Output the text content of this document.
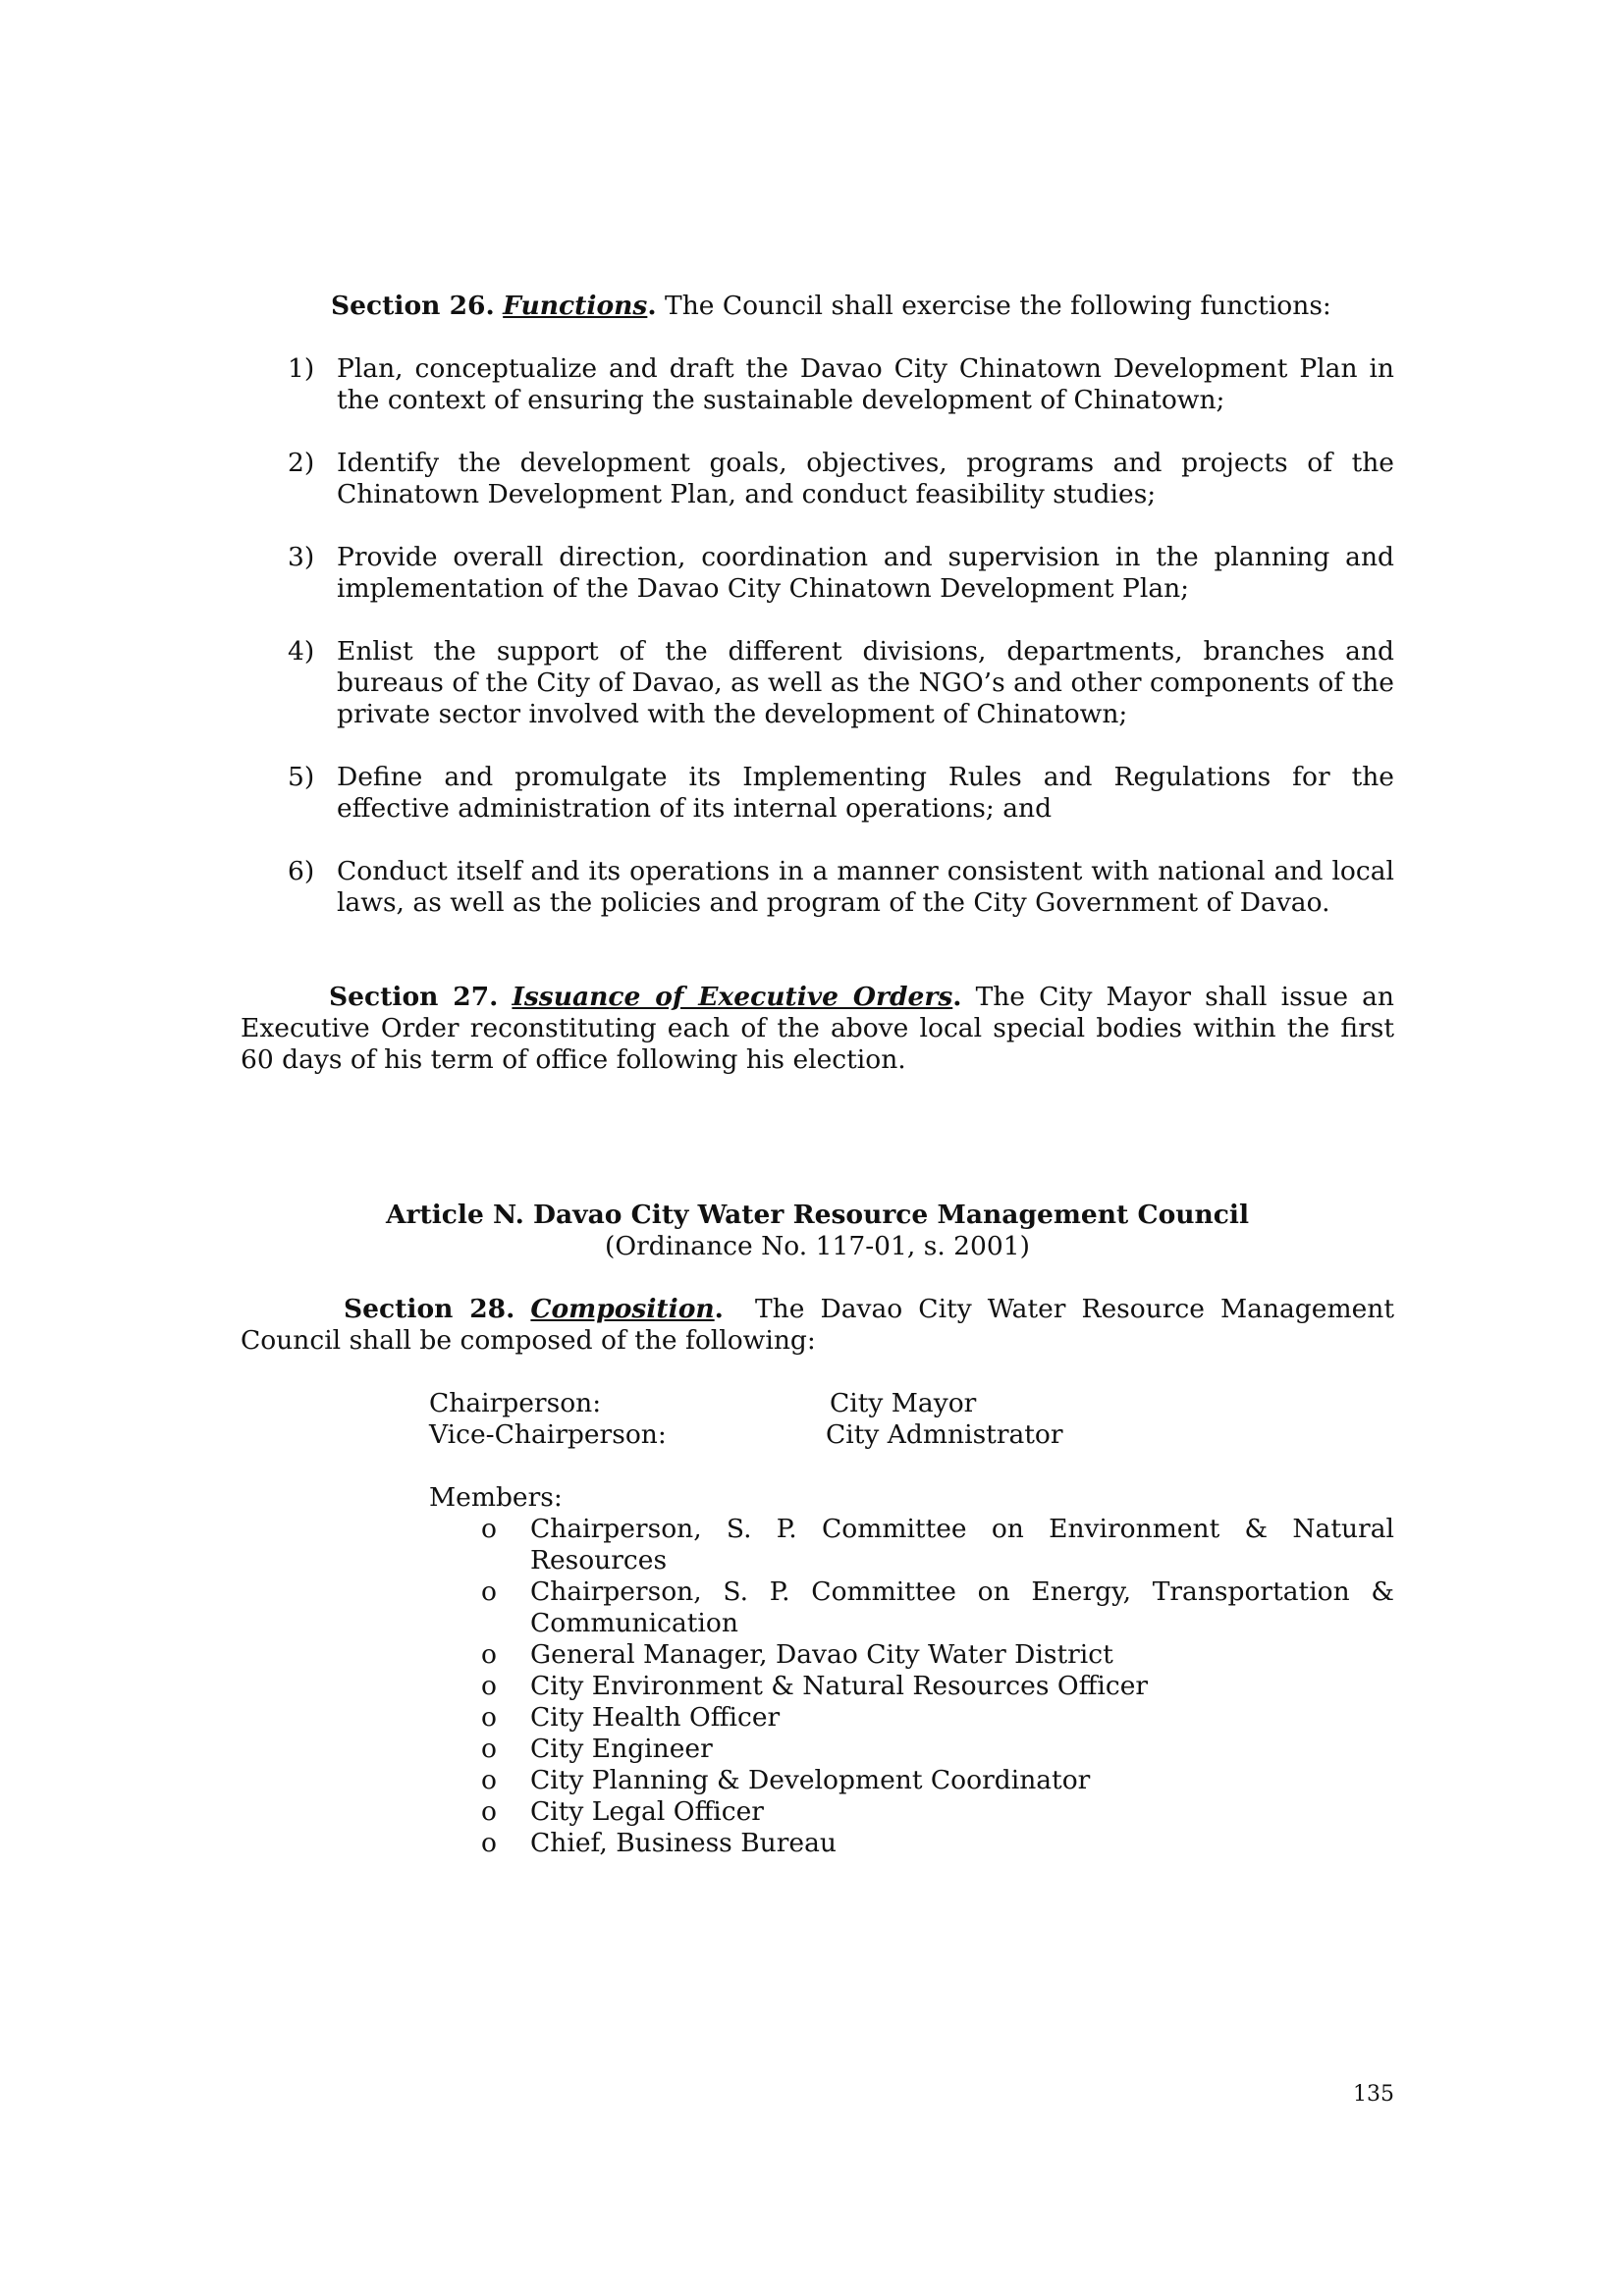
Section 26. Functions. The Council shall exercise the following functions:
1) Plan, conceptualize and draft the Davao City Chinatown Development Plan in the context of ensuring the sustainable development of Chinatown;
2) Identify the development goals, objectives, programs and projects of the Chinatown Development Plan, and conduct feasibility studies;
3) Provide overall direction, coordination and supervision in the planning and implementation of the Davao City Chinatown Development Plan;
4) Enlist the support of the different divisions, departments, branches and bureaus of the City of Davao, as well as the NGO’s and other components of the private sector involved with the development of Chinatown;
5) Define and promulgate its Implementing Rules and Regulations for the effective administration of its internal operations; and
6) Conduct itself and its operations in a manner consistent with national and local laws, as well as the policies and program of the City Government of Davao.
Section 27. Issuance of Executive Orders. The City Mayor shall issue an Executive Order reconstituting each of the above local special bodies within the first 60 days of his term of office following his election.
Article N. Davao City Water Resource Management Council
(Ordinance No. 117-01, s. 2001)
Section 28. Composition. The Davao City Water Resource Management Council shall be composed of the following:
Chairperson:	City Mayor
Vice-Chairperson:	City Admnistrator
Members:
o Chairperson, S. P. Committee on Environment & Natural Resources
o Chairperson, S. P. Committee on Energy, Transportation & Communication
o General Manager, Davao City Water District
o City Environment & Natural Resources Officer
o City Health Officer
o City Engineer
o City Planning & Development Coordinator
o City Legal Officer
o Chief, Business Bureau
135
